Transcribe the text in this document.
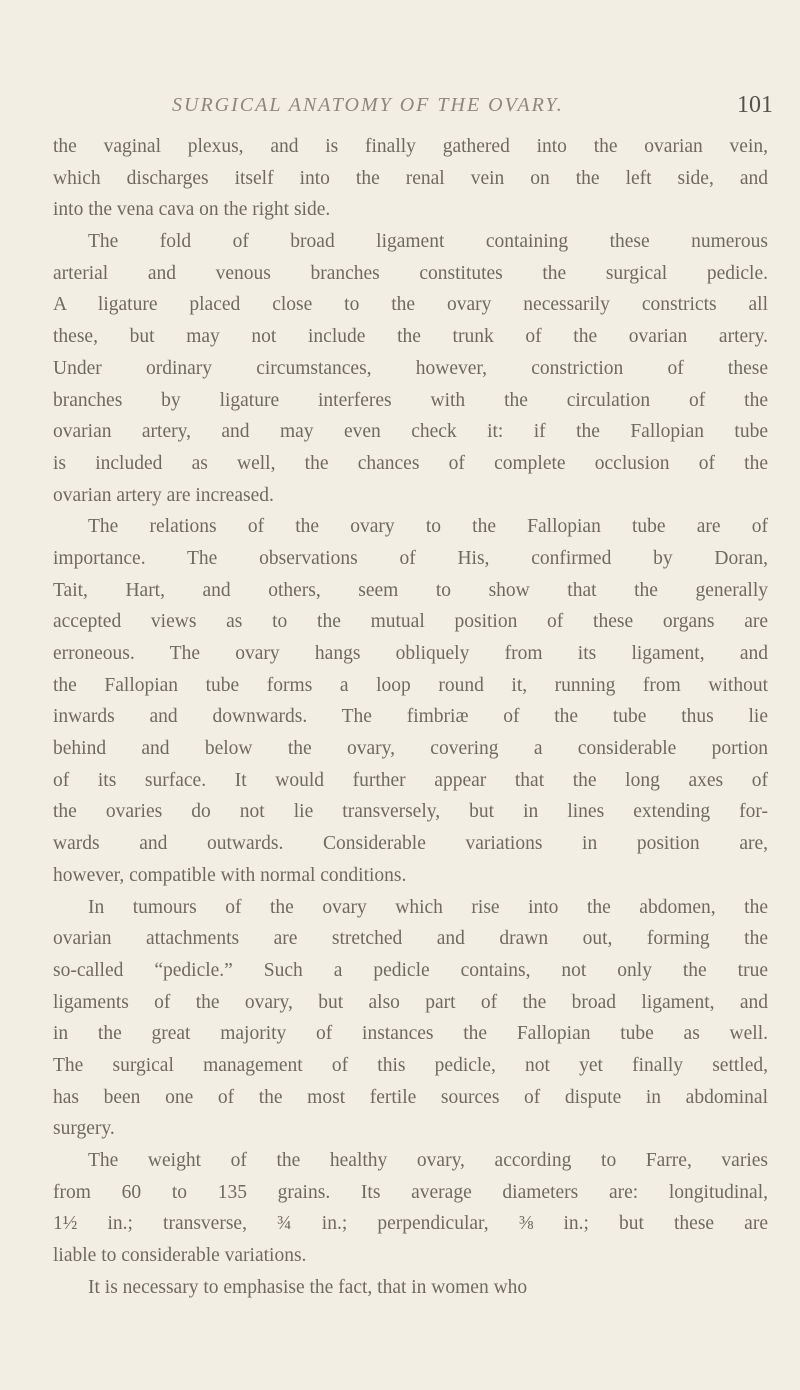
SURGICAL ANATOMY OF THE OVARY.	101
the vaginal plexus, and is finally gathered into the ovarian vein,
which discharges itself into the renal vein on the left side, and
into the vena cava on the right side.
The fold of broad ligament containing these numerous
arterial and venous branches constitutes the surgical pedicle.
A ligature placed close to the ovary necessarily constricts all
these, but may not include the trunk of the ovarian artery.
Under ordinary circumstances, however, constriction of these
branches by ligature interferes with the circulation of the
ovarian artery, and may even check it: if the Fallopian tube
is included as well, the chances of complete occlusion of the
ovarian artery are increased.
The relations of the ovary to the Fallopian tube are of
importance. The observations of His, confirmed by Doran,
Tait, Hart, and others, seem to show that the generally
accepted views as to the mutual position of these organs are
erroneous. The ovary hangs obliquely from its ligament, and
the Fallopian tube forms a loop round it, running from without
inwards and downwards. The fimbriæ of the tube thus lie
behind and below the ovary, covering a considerable portion
of its surface. It would further appear that the long axes of
the ovaries do not lie transversely, but in lines extending for-
wards and outwards. Considerable variations in position are,
however, compatible with normal conditions.
In tumours of the ovary which rise into the abdomen, the
ovarian attachments are stretched and drawn out, forming the
so-called “pedicle.” Such a pedicle contains, not only the true
ligaments of the ovary, but also part of the broad ligament, and
in the great majority of instances the Fallopian tube as well.
The surgical management of this pedicle, not yet finally settled,
has been one of the most fertile sources of dispute in abdominal
surgery.
The weight of the healthy ovary, according to Farre, varies
from 60 to 135 grains. Its average diameters are: longitudinal,
1½ in.; transverse, ¾ in.; perpendicular, ⅜ in.; but these are
liable to considerable variations.
It is necessary to emphasise the fact, that in women who
